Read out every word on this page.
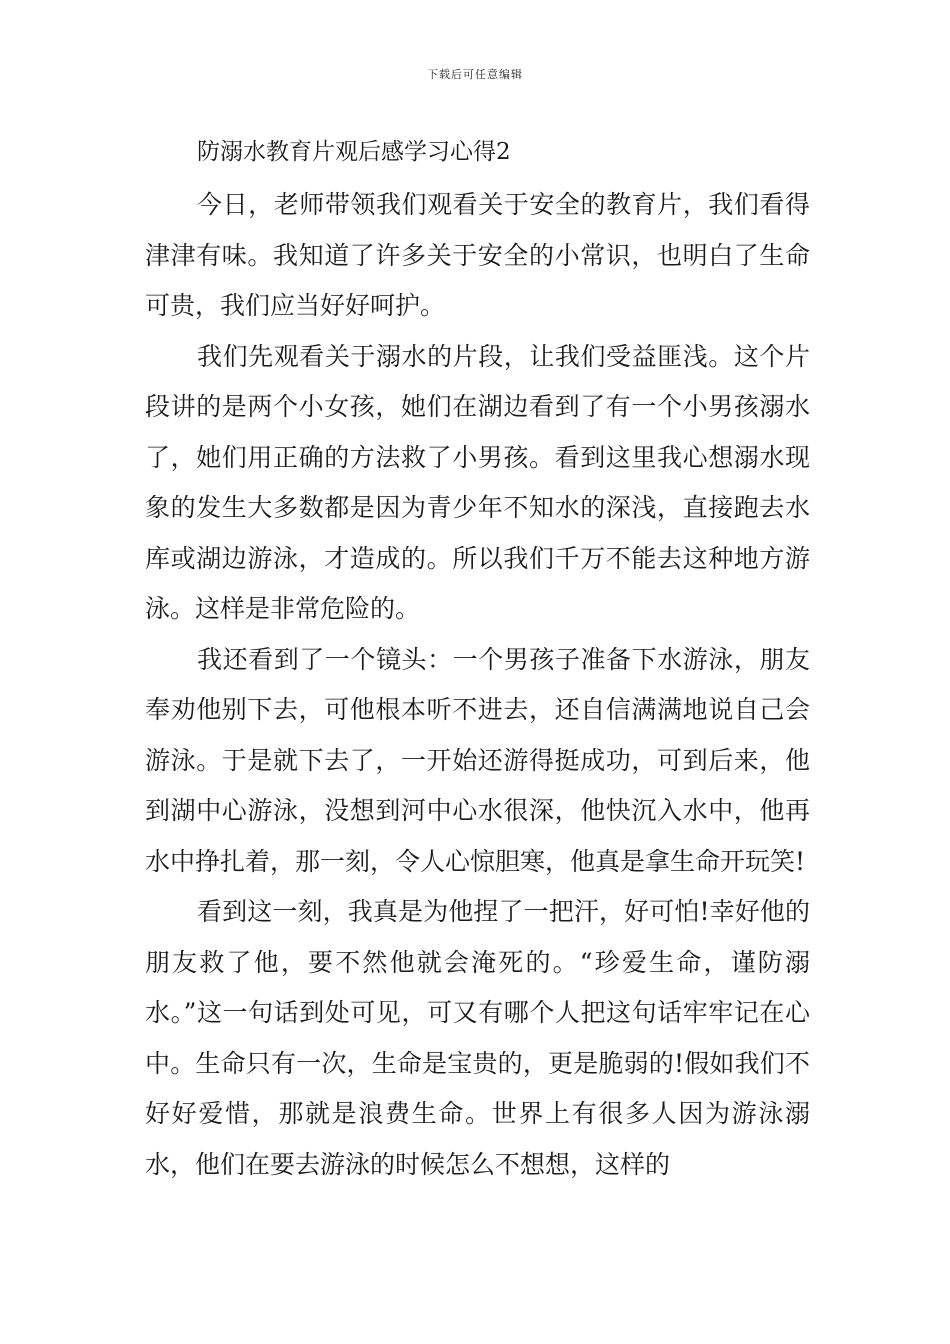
下载后可任意编辑
防溺水教育片观后感学习心得2

今日，老师带领我们观看关于安全的教育片，我们看得津津有味。我知道了许多关于安全的小常识，也明白了生命可贵，我们应当好好呵护。

我们先观看关于溺水的片段，让我们受益匪浅。这个片段讲的是两个小女孩，她们在湖边看到了有一个小男孩溺水了，她们用正确的方法救了小男孩。看到这里我心想溺水现象的发生大多数都是因为青少年不知水的深浅，直接跑去水库或湖边游泳，才造成的。所以我们千万不能去这种地方游泳。这样是非常危险的。

我还看到了一个镜头：一个男孩子准备下水游泳，朋友奉劝他别下去，可他根本听不进去，还自信满满地说自己会游泳。于是就下去了，一开始还游得挺成功，可到后来，他到湖中心游泳，没想到河中心水很深，他快沉入水中，他再水中挣扎着，那一刻，令人心惊胆寒，他真是拿生命开玩笑!

看到这一刻，我真是为他捏了一把汗，好可怕!幸好他的朋友救了他，要不然他就会淹死的。“珍爱生命，谨防溺水。”这一句话到处可见，可又有哪个人把这句话牢牢记在心中。生命只有一次，生命是宝贵的，更是脆弱的!假如我们不好好爱惜，那就是浪费生命。世界上有很多人因为游泳溺水，他们在要去游泳的时候怎么不想想，这样的
